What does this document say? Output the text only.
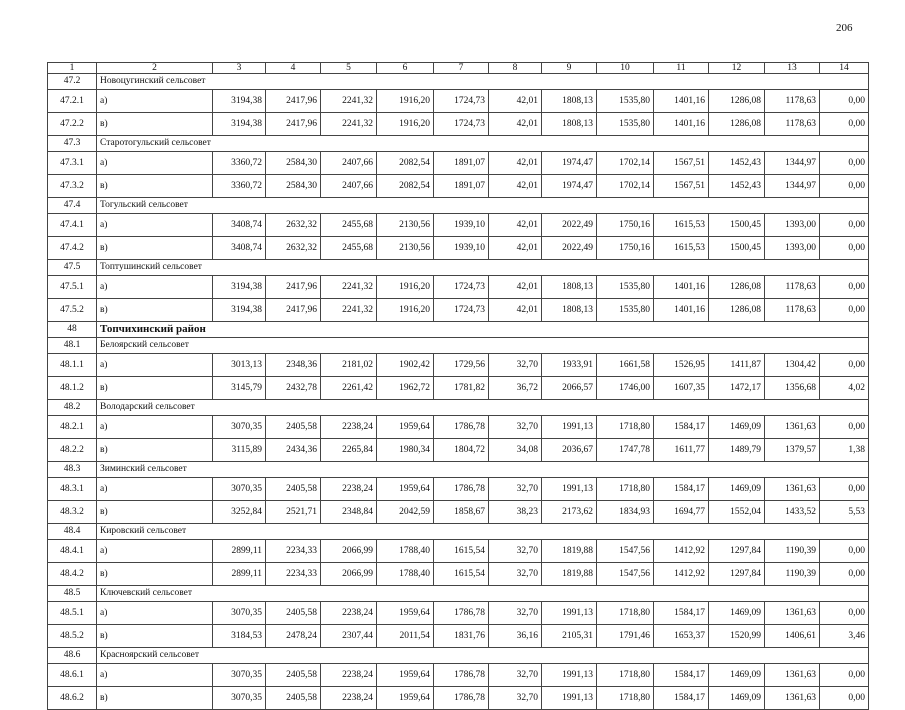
206
1	2	3	4	5	6	7	8	9	10	11	12	13	14
47.2	Новоцугинский сельсовет												
47.2.1	а)	3194,38	2417,96	2241,32	1916,20	1724,73	42,01	1808,13	1535,80	1401,16	1286,08	1178,63	0,00
47.2.2	в)	3194,38	2417,96	2241,32	1916,20	1724,73	42,01	1808,13	1535,80	1401,16	1286,08	1178,63	0,00
47.3	Старотогульский сельсовет												
47.3.1	а)	3360,72	2584,30	2407,66	2082,54	1891,07	42,01	1974,47	1702,14	1567,51	1452,43	1344,97	0,00
47.3.2	в)	3360,72	2584,30	2407,66	2082,54	1891,07	42,01	1974,47	1702,14	1567,51	1452,43	1344,97	0,00
47.4	Тогульский сельсовет												
47.4.1	а)	3408,74	2632,32	2455,68	2130,56	1939,10	42,01	2022,49	1750,16	1615,53	1500,45	1393,00	0,00
47.4.2	в)	3408,74	2632,32	2455,68	2130,56	1939,10	42,01	2022,49	1750,16	1615,53	1500,45	1393,00	0,00
47.5	Топтушинский сельсовет												
47.5.1	а)	3194,38	2417,96	2241,32	1916,20	1724,73	42,01	1808,13	1535,80	1401,16	1286,08	1178,63	0,00
47.5.2	в)	3194,38	2417,96	2241,32	1916,20	1724,73	42,01	1808,13	1535,80	1401,16	1286,08	1178,63	0,00
48	Топчихинский район												
48.1	Белоярский сельсовет												
48.1.1	а)	3013,13	2348,36	2181,02	1902,42	1729,56	32,70	1933,91	1661,58	1526,95	1411,87	1304,42	0,00
48.1.2	в)	3145,79	2432,78	2261,42	1962,72	1781,82	36,72	2066,57	1746,00	1607,35	1472,17	1356,68	4,02
48.2	Володарский сельсовет												
48.2.1	а)	3070,35	2405,58	2238,24	1959,64	1786,78	32,70	1991,13	1718,80	1584,17	1469,09	1361,63	0,00
48.2.2	в)	3115,89	2434,36	2265,84	1980,34	1804,72	34,08	2036,67	1747,78	1611,77	1489,79	1379,57	1,38
48.3	Зиминский сельсовет												
48.3.1	а)	3070,35	2405,58	2238,24	1959,64	1786,78	32,70	1991,13	1718,80	1584,17	1469,09	1361,63	0,00
48.3.2	в)	3252,84	2521,71	2348,84	2042,59	1858,67	38,23	2173,62	1834,93	1694,77	1552,04	1433,52	5,53
48.4	Кировский сельсовет												
48.4.1	а)	2899,11	2234,33	2066,99	1788,40	1615,54	32,70	1819,88	1547,56	1412,92	1297,84	1190,39	0,00
48.4.2	в)	2899,11	2234,33	2066,99	1788,40	1615,54	32,70	1819,88	1547,56	1412,92	1297,84	1190,39	0,00
48.5	Ключевский сельсовет												
48.5.1	а)	3070,35	2405,58	2238,24	1959,64	1786,78	32,70	1991,13	1718,80	1584,17	1469,09	1361,63	0,00
48.5.2	в)	3184,53	2478,24	2307,44	2011,54	1831,76	36,16	2105,31	1791,46	1653,37	1520,99	1406,61	3,46
48.6	Красноярский сельсовет												
48.6.1	а)	3070,35	2405,58	2238,24	1959,64	1786,78	32,70	1991,13	1718,80	1584,17	1469,09	1361,63	0,00
48.6.2	в)	3070,35	2405,58	2238,24	1959,64	1786,78	32,70	1991,13	1718,80	1584,17	1469,09	1361,63	0,00
